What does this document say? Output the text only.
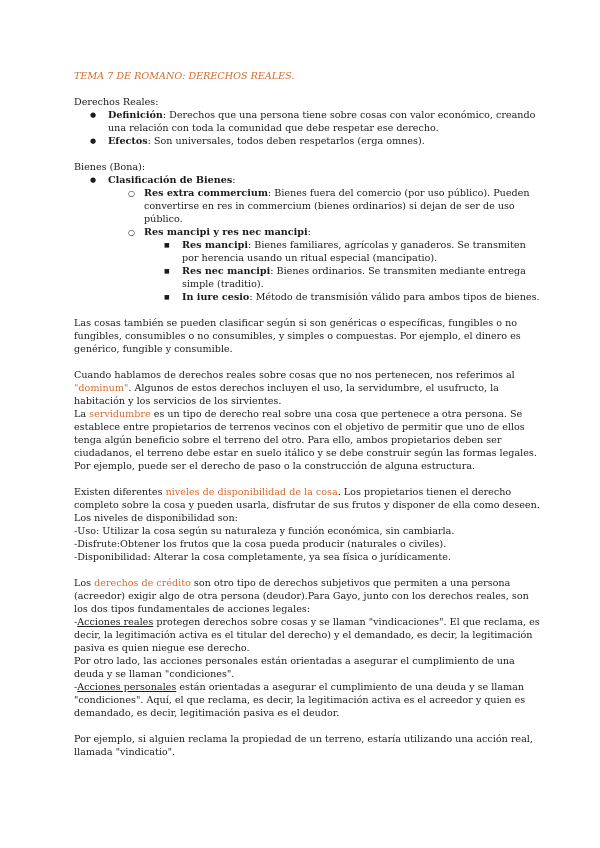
TEMA 7 DE ROMANO: DERECHOS REALES.

Derechos Reales:

● Definición: Derechos que una persona tiene sobre cosas con valor económico, creando una relación con toda la comunidad que debe respetar ese derecho.
● Efectos: Son universales, todos deben respetarlos (erga omnes).

Bienes (Bona):

● Clasificación de Bienes:
○ Res extra commercium: Bienes fuera del comercio (por uso público). Pueden convertirse en res in commercium (bienes ordinarios) si dejan de ser de uso público.
○ Res mancipi y res nec mancipi:
■ Res mancipi: Bienes familiares, agrícolas y ganaderos. Se transmiten por herencia usando un ritual especial (mancipatio).
■ Res nec mancipi: Bienes ordinarios. Se transmiten mediante entrega simple (traditio).
■ In iure cesio: Método de transmisión válido para ambos tipos de bienes.

Las cosas también se pueden clasificar según si son genéricas o específicas, fungibles o no fungibles, consumibles o no consumibles, y simples o compuestas. Por ejemplo, el dinero es genérico, fungible y consumible.

Cuando hablamos de derechos reales sobre cosas que no nos pertenecen, nos referimos al "dominum". Algunos de estos derechos incluyen el uso, la servidumbre, el usufructo, la habitación y los servicios de los sirvientes.

La servidumbre es un tipo de derecho real sobre una cosa que pertenece a otra persona. Se establece entre propietarios de terrenos vecinos con el objetivo de permitir que uno de ellos tenga algún beneficio sobre el terreno del otro. Para ello, ambos propietarios deben ser ciudadanos, el terreno debe estar en suelo itálico y se debe construir según las formas legales. Por ejemplo, puede ser el derecho de paso o la construcción de alguna estructura.

Existen diferentes niveles de disponibilidad de la cosa. Los propietarios tienen el derecho completo sobre la cosa y pueden usarla, disfrutar de sus frutos y disponer de ella como deseen. Los niveles de disponibilidad son:

-Uso: Utilizar la cosa según su naturaleza y función económica, sin cambiarla.

-Disfrute:Obtener los frutos que la cosa pueda producir (naturales o civiles).

-Disponibilidad: Alterar la cosa completamente, ya sea física o jurídicamente.

Los derechos de crédito son otro tipo de derechos subjetivos que permiten a una persona (acreedor) exigir algo de otra persona (deudor).Para Gayo, junto con los derechos reales, son los dos tipos fundamentales de acciones legales:

-Acciones reales protegen derechos sobre cosas y se llaman "vindicaciones". El que reclama, es decir, la legitimación activa es el titular del derecho) y el demandado, es decir, la legitimación pasiva es quien niegue ese derecho.

Por otro lado, las acciones personales están orientadas a asegurar el cumplimiento de una deuda y se llaman "condiciones".

-Acciones personales están orientadas a asegurar el cumplimiento de una deuda y se llaman "condiciones". Aquí, el que reclama, es decir, la legitimación activa es el acreedor y quien es demandado, es decir, legitimación pasiva es el deudor.

Por ejemplo, si alguien reclama la propiedad de un terreno, estaría utilizando una acción real, llamada "vindicatio".
